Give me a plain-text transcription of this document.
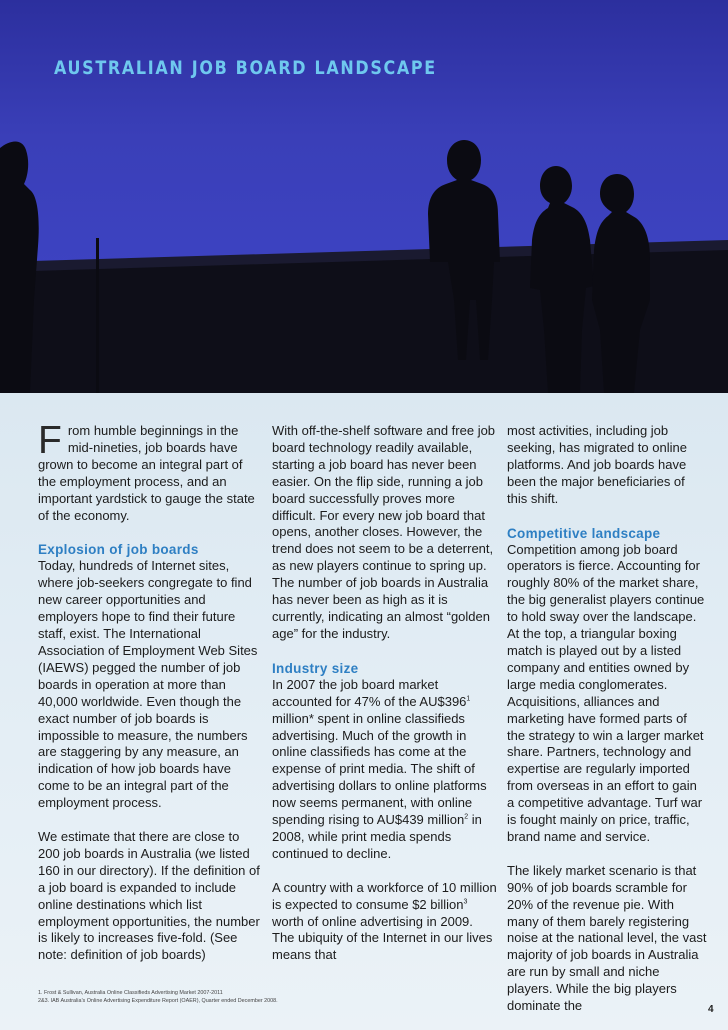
AUSTRALIAN JOB BOARD LANDSCAPE

F rom humble beginnings in the
mid-nineties, job boards have grown to become an integral part of the employment process, and an important yardstick to gauge the state of the economy.

Explosion of job boards

Today, hundreds of Internet sites, where job-seekers congregate to find new career opportunities and employers hope to find their future staff, exist. The International Association of Employment Web Sites (IAEWS) pegged the number of job boards in operation at more than 40,000 worldwide. Even though the exact number of job boards is impossible to measure, the numbers are staggering by any measure, an indication of how job boards have come to be an integral part of the employment process.

We estimate that there are close to 200 job boards in Australia (we listed 160 in our directory). If the definition of a job board is expanded to include online destinations which list employment opportunities, the number is likely to increases five-fold. (See note: definition of job boards)

With off-the-shelf software and free job board technology readily available, starting a job board has never been easier. On the flip side, running a job board successfully proves more difficult. For every new job board that opens, another closes. However, the trend does not seem to be a deterrent, as new players continue to spring up. The number of job boards in Australia has never been as high as it is currently, indicating an almost “golden age” for the industry.

Industry size

In 2007 the job board market accounted for 47% of the $AU\$396^1$ million* spent in online classifieds advertising. Much of the growth in online classifieds has come at the expense of print media. The shift of advertising dollars to online platforms now seems permanent, with online spending rising to AU$439 million$^2$ in 2008, while print media spends continued to decline.

A country with a workforce of 10 million is expected to consume $2 billion$^3$ worth of online advertising in 2009. The ubiquity of the Internet in our lives means that

most activities, including job seeking, has migrated to online platforms. And job boards have been the major beneficiaries of this shift.

Competitive landscape

Competition among job board operators is fierce. Accounting for roughly 80% of the market share, the big generalist players continue to hold sway over the landscape. At the top, a triangular boxing match is played out by a listed company and entities owned by large media conglomerates. Acquisitions, alliances and marketing have formed parts of the strategy to win a larger market share. Partners, technology and expertise are regularly imported from overseas in an effort to gain a competitive advantage. Turf war is fought mainly on price, traffic, brand name and service.

The likely market scenario is that 90% of job boards scramble for 20% of the revenue pie. With many of them barely registering noise at the national level, the vast majority of job boards in Australia are run by small and niche players. While the big players dominate the

1. Frost & Sullivan, Australia Online Classifieds Advertising Market 2007-2011

2&3. IAB Australia’s Online Advertising Expenditure Report (OAER), Quarter ended December 2008.

4
